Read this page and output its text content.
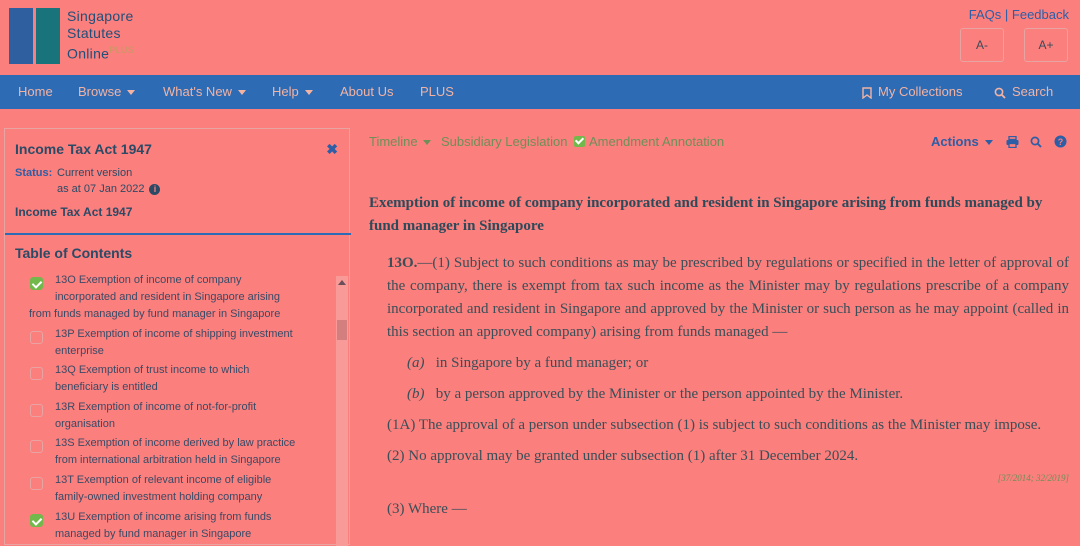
Singapore
Statutes
Online$^{PLUS}$
FAQs | Feedback
A-	A+
Home Browse	What's New	Help	About Us PLUS	My Collections	Search
Income Tax Act 1947	✖
Status: Current version
as at 07 Jan 2022 i
Income Tax Act 1947
Table of Contents
13O Exemption of income of company
incorporated and resident in Singapore arising
from funds managed by fund manager in Singapore
13P Exemption of income of shipping investment
enterprise
13Q Exemption of trust income to which
beneficiary is entitled
13R Exemption of income of not-for-profit
organisation
13S Exemption of income derived by law practice
from international arbitration held in Singapore
13T Exemption of relevant income of eligible
family-owned investment holding company
13U Exemption of income arising from funds
managed by fund manager in Singapore
Timeline	Subsidiary Legislation	Amendment Annotation	Actions	?
Exemption of income of company incorporated and resident in Singapore arising from funds managed by fund manager in Singapore
13O.—(1) Subject to such conditions as may be prescribed by regulations or specified in the letter of approval of the company, there is exempt from tax such income as the Minister may by regulations prescribe of a company incorporated and resident in Singapore and approved by the Minister or such person as he may appoint (called in this section an approved company) arising from funds managed —
(a) in Singapore by a fund manager; or
(b) by a person approved by the Minister or the person appointed by the Minister.
(1A) The approval of a person under subsection (1) is subject to such conditions as the Minister may impose.
(2) No approval may be granted under subsection (1) after 31 December 2024.
[37/2014; 32/2019]
(3) Where —
